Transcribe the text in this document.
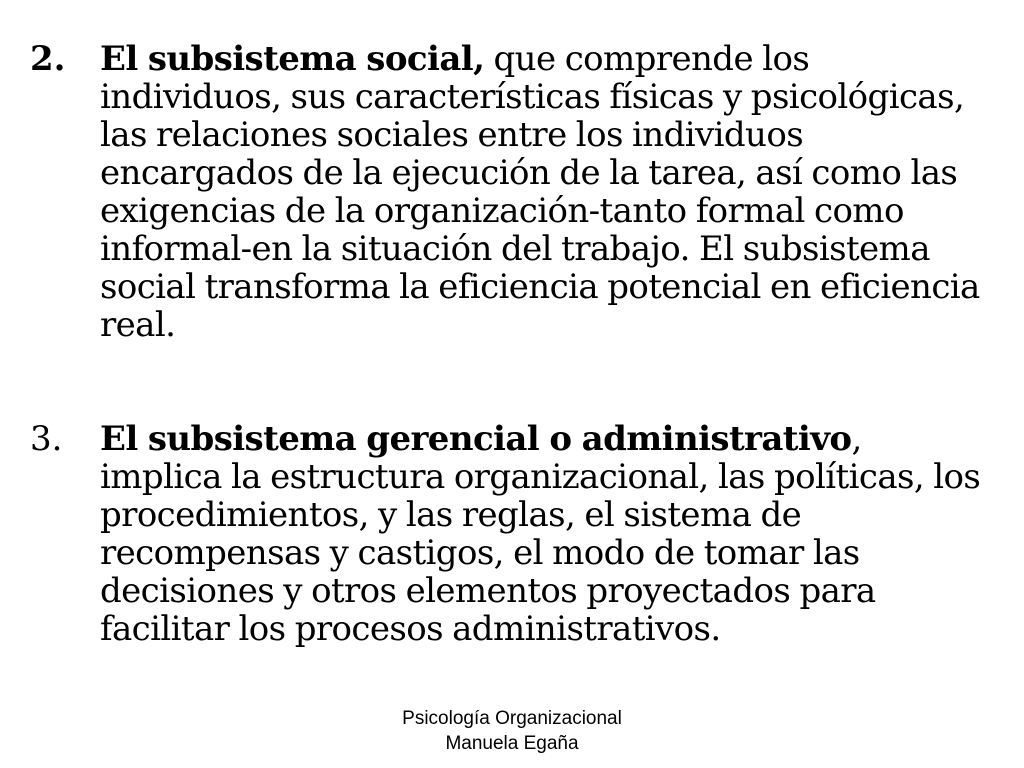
2.	El subsistema social, que comprende los individuos, sus características físicas y psicológicas, las relaciones sociales entre los individuos encargados de la ejecución de la tarea, así como las exigencias de la organización-tanto formal como informal-en la situación del trabajo. El subsistema social transforma la eficiencia potencial en eficiencia real.
3.	El subsistema gerencial o administrativo, implica la estructura organizacional, las políticas, los procedimientos, y las reglas, el sistema de recompensas y castigos, el modo de tomar las decisiones y otros elementos proyectados para facilitar los procesos administrativos.
Psicología Organizacional
Manuela Egaña
